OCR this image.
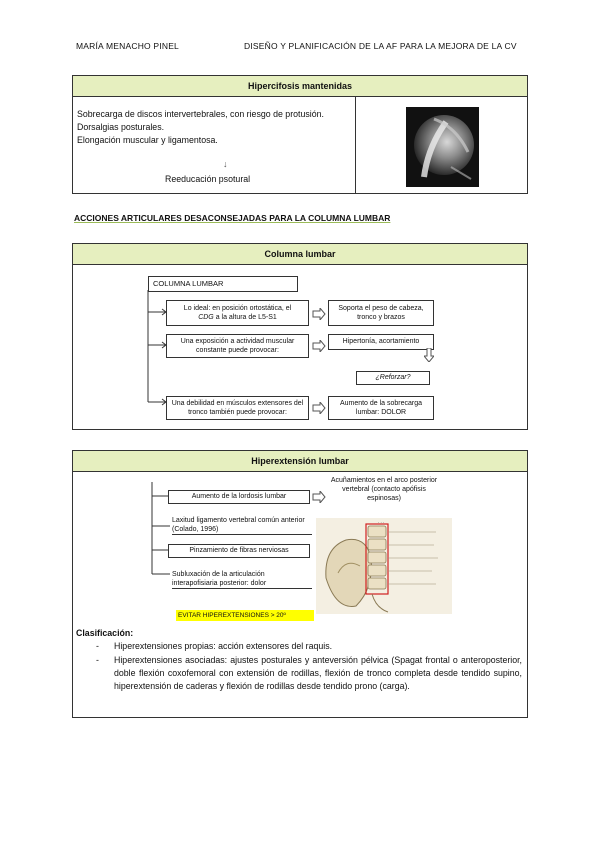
MARÍA MENACHO PINEL	DISEÑO Y PLANIFICACIÓN DE LA AF PARA LA MEJORA DE LA CV
Hipercifosis mantenidas
Sobrecarga de discos intervertebrales, con riesgo de protusión.
Dorsalgias posturales.
Elongación muscular y ligamentosa.
↓
Reeducación psotural
ACCIONES ARTICULARES DESACONSEJADAS PARA LA COLUMNA LUMBAR
Columna lumbar
COLUMNA LUMBAR
Lo ideal: en posición ortostática, el
CDG a la altura de L5-S1
Soporta el peso de cabeza, tronco y brazos
Una exposición a actividad muscular constante puede provocar:
Hipertonía, acortamiento
¿Reforzar?
Una debilidad en músculos extensores del tronco también puede provocar:
Aumento de la sobrecarga lumbar: DOLOR
Hiperextensión lumbar
Aumento de la lordosis lumbar
Acuñamientos en el arco posterior vertebral (contacto apófisis espinosas)
Laxitud ligamento vertebral común anterior (Colado, 1996)
Pinzamiento de fibras nerviosas
Subluxación de la articulación interapofisiaria posterior: dolor
· · ·
EVITAR HIPEREXTENSIONES > 20º
Clasificación:
- Hiperextensiones propias: acción extensores del raquis.
- Hiperextensiones asociadas: ajustes posturales y anteversión pélvica (Spagat frontal o anteroposterior, doble flexión coxofemoral con extensión de rodillas, flexión de tronco completa desde tendido supino, hiperextensión de caderas y flexión de rodillas desde tendido prono (carga).
